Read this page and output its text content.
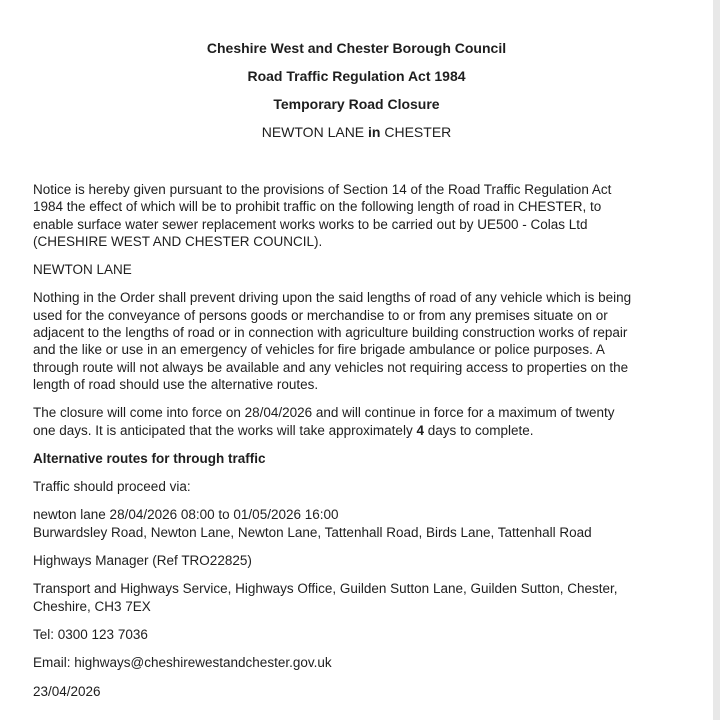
Cheshire West and Chester Borough Council
Road Traffic Regulation Act 1984
Temporary Road Closure
NEWTON LANE in CHESTER
Notice is hereby given pursuant to the provisions of Section 14 of the Road Traffic Regulation Act
1984 the effect of which will be to prohibit traffic on the following length of road in CHESTER, to
enable surface water sewer replacement works works to be carried out by UE500 - Colas Ltd
(CHESHIRE WEST AND CHESTER COUNCIL).
NEWTON LANE
Nothing in the Order shall prevent driving upon the said lengths of road of any vehicle which is being
used for the conveyance of persons goods or merchandise to or from any premises situate on or
adjacent to the lengths of road or in connection with agriculture building construction works of repair
and the like or use in an emergency of vehicles for fire brigade ambulance or police purposes. A
through route will not always be available and any vehicles not requiring access to properties on the
length of road should use the alternative routes.
The closure will come into force on 28/04/2026 and will continue in force for a maximum of twenty
one days. It is anticipated that the works will take approximately 4 days to complete.
Alternative routes for through traffic
Traffic should proceed via:
newton lane 28/04/2026 08:00 to 01/05/2026 16:00
Burwardsley Road, Newton Lane, Newton Lane, Tattenhall Road, Birds Lane, Tattenhall Road
Highways Manager (Ref TRO22825)
Transport and Highways Service, Highways Office, Guilden Sutton Lane, Guilden Sutton, Chester,
Cheshire, CH3 7EX
Tel: 0300 123 7036
Email: highways@cheshirewestandchester.gov.uk
23/04/2026
